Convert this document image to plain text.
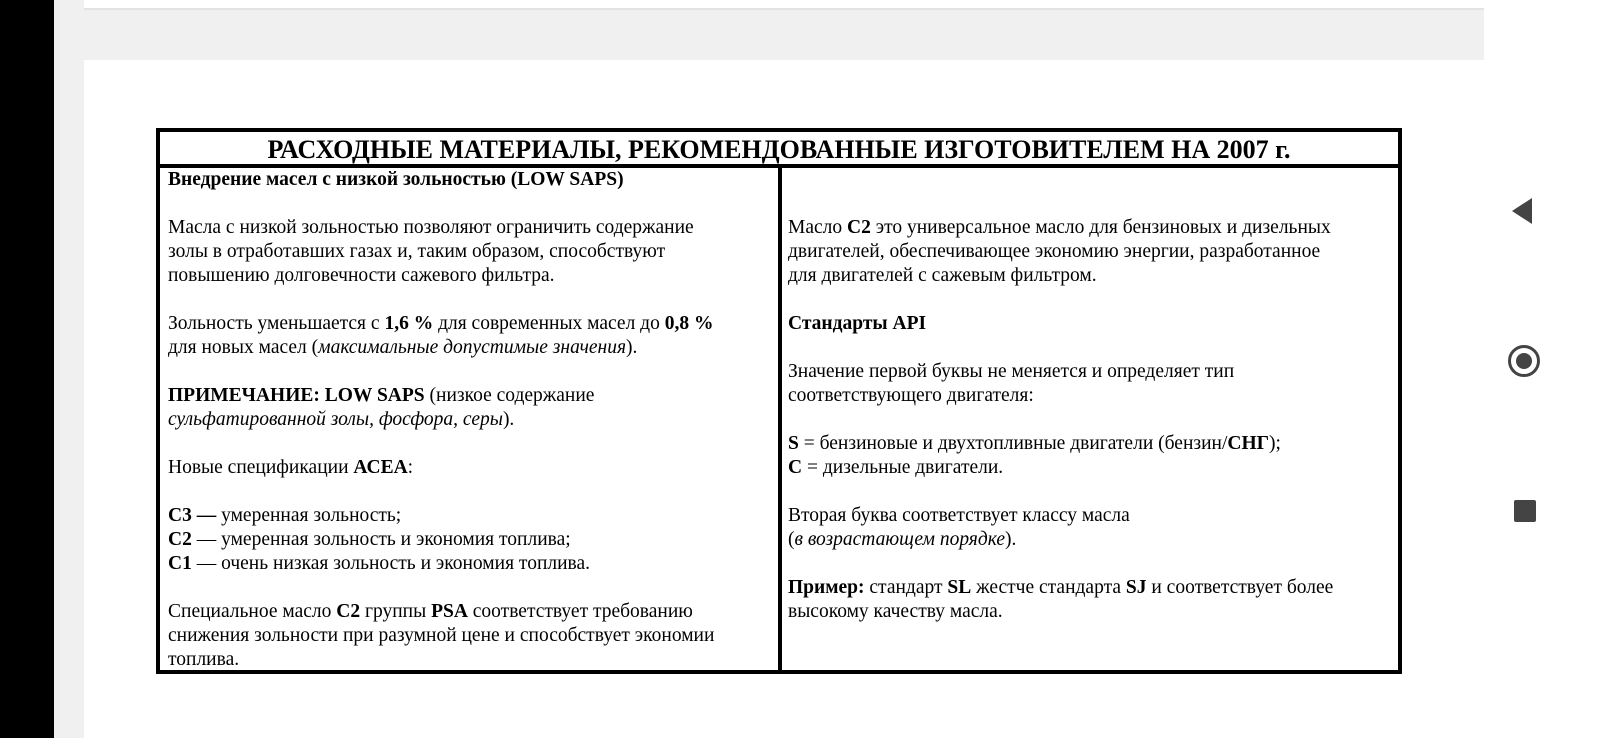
РАСХОДНЫЕ МАТЕРИАЛЫ, РЕКОМЕНДОВАННЫЕ ИЗГОТОВИТЕЛЕМ НА 2007 г.
Внедрение масел с низкой зольностью (LOW SAPS)
Масла с низкой зольностью позволяют ограничить содержание
золы в отработавших газах и, таким образом, способствуют
повышению долговечности сажевого фильтра.
Зольность уменьшается с 1,6 % для современных масел до 0,8 %
для новых масел (максимальные допустимые значения).
ПРИМЕЧАНИЕ: LOW SAPS (низкое содержание
сульфатированной золы, фосфора, серы).
Новые спецификации АСЕА:
С3 — умеренная зольность;
С2 — умеренная зольность и экономия топлива;
С1 — очень низкая зольность и экономия топлива.
Специальное масло С2 группы PSA соответствует требованию
снижения зольности при разумной цене и способствует экономии
топлива.
Масло С2 это универсальное масло для бензиновых и дизельных
двигателей, обеспечивающее экономию энергии, разработанное
для двигателей с сажевым фильтром.
Стандарты API
Значение первой буквы не меняется и определяет тип
соответствующего двигателя:
S = бензиновые и двухтопливные двигатели (бензин/СНГ);
С = дизельные двигатели.
Вторая буква соответствует классу масла
(в возрастающем порядке).
Пример: стандарт SL жестче стандарта SJ и соответствует более
высокому качеству масла.
